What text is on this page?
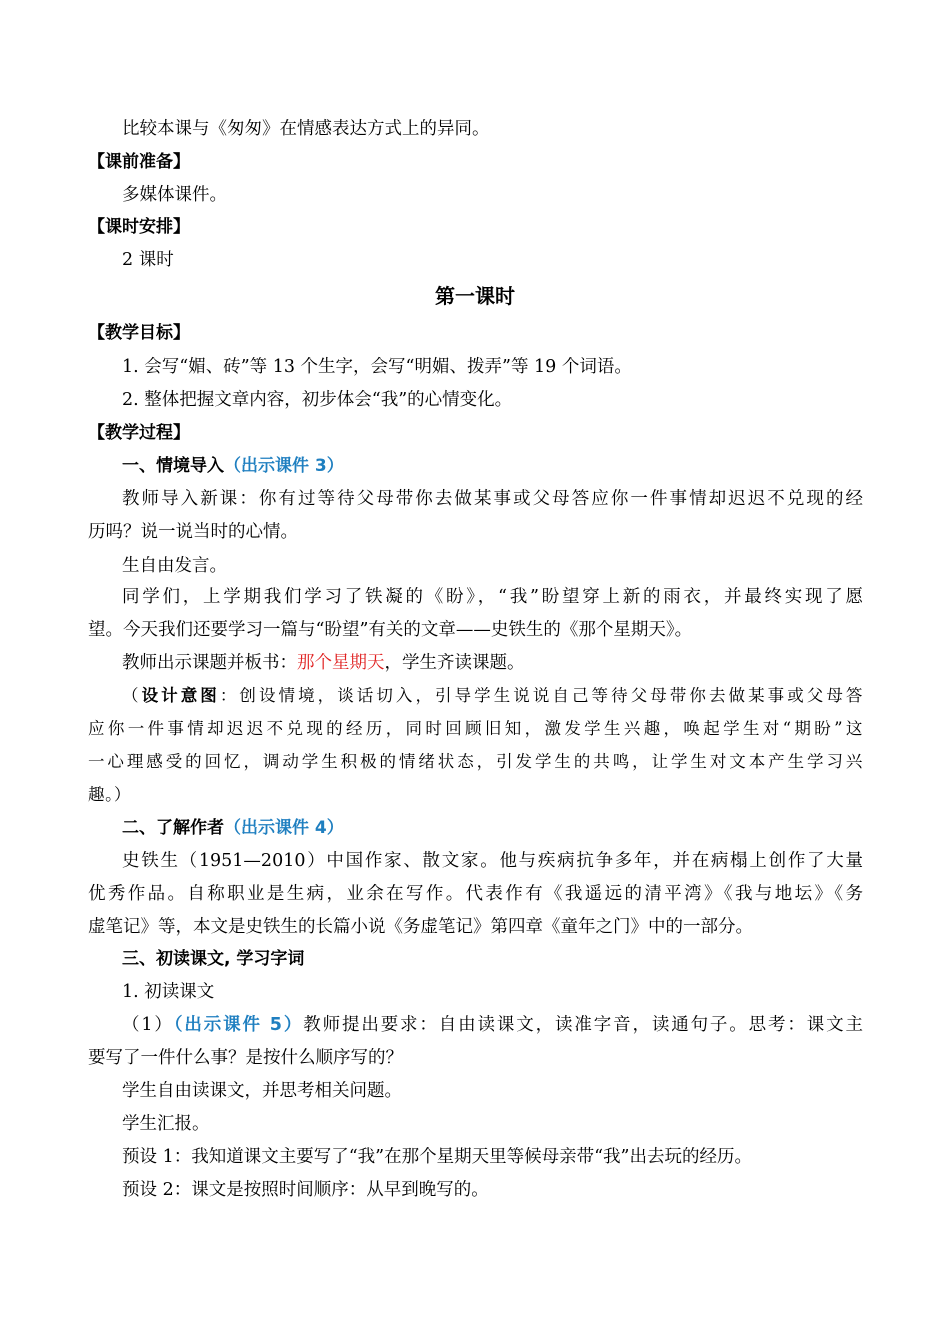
比较本课与《匆匆》在情感表达方式上的异同。
【课前准备】
多媒体课件。
【课时安排】
2 课时
第一课时
【教学目标】
1. 会写“媚、砖”等 13 个生字，会写“明媚、拨弄”等 19 个词语。
2. 整体把握文章内容，初步体会“我”的心情变化。
【教学过程】
一、情境导入（出示课件 3）
教师导入新课：你有过等待父母带你去做某事或父母答应你一件事情却迟迟不兑现的经
历吗？说一说当时的心情。
生自由发言。
同学们，上学期我们学习了铁凝的《盼》，“我”盼望穿上新的雨衣，并最终实现了愿
望。今天我们还要学习一篇与“盼望”有关的文章——史铁生的《那个星期天》。
教师出示课题并板书：那个星期天，学生齐读课题。
（设计意图：创设情境，谈话切入，引导学生说说自己等待父母带你去做某事或父母答
应你一件事情却迟迟不兑现的经历，同时回顾旧知，激发学生兴趣，唤起学生对“期盼”这
一心理感受的回忆，调动学生积极的情绪状态，引发学生的共鸣，让学生对文本产生学习兴
趣。）
二、了解作者（出示课件 4）
史铁生（1951—2010）中国作家、散文家。他与疾病抗争多年，并在病榻上创作了大量
优秀作品。自称职业是生病，业余在写作。代表作有《我遥远的清平湾》《我与地坛》《务
虚笔记》等，本文是史铁生的长篇小说《务虚笔记》第四章《童年之门》中的一部分。
三、初读课文, 学习字词
1. 初读课文
（1）（出示课件 5）教师提出要求：自由读课文，读准字音，读通句子。思考：课文主
要写了一件什么事？是按什么顺序写的？
学生自由读课文，并思考相关问题。
学生汇报。
预设 1：我知道课文主要写了“我”在那个星期天里等候母亲带“我”出去玩的经历。
预设 2：课文是按照时间顺序：从早到晚写的。
